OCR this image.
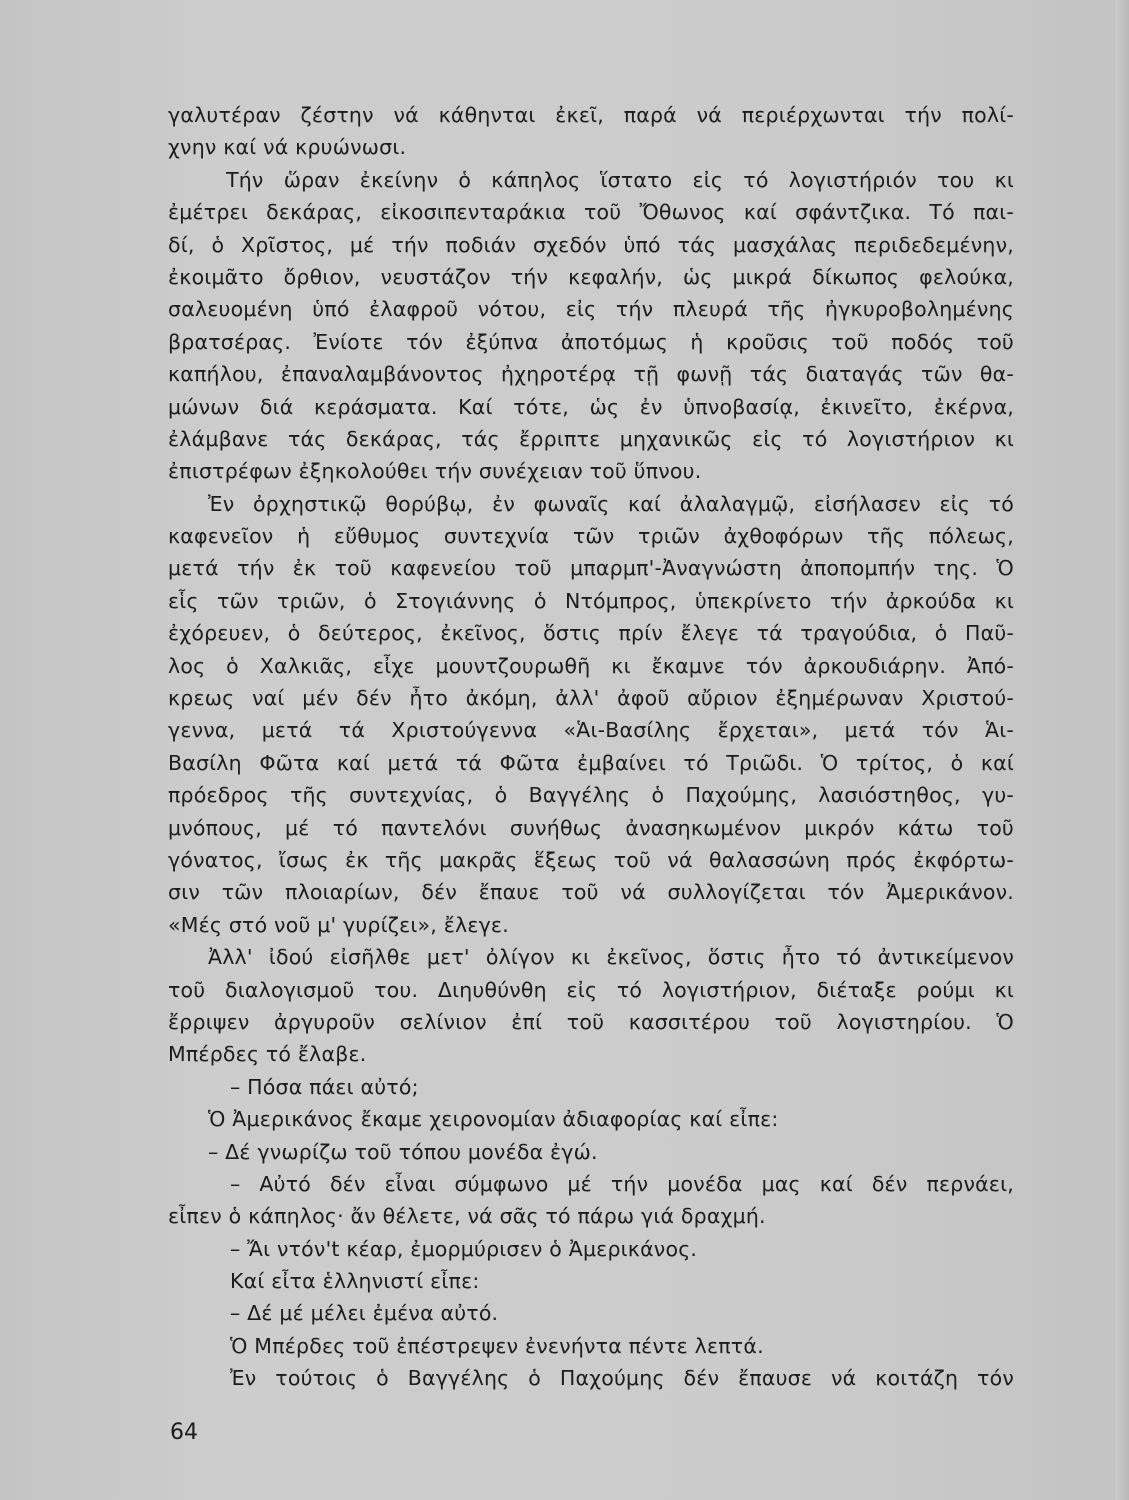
γαλυτέραν ζέστην νά κάθηνται ἐκεῖ, παρά νά περιέρχωνται τήν πολί-
χνην καί νά κρυώνωσι.
Τήν ὥραν ἐκείνην ὁ κάπηλος ἵστατο εἰς τό λογιστήριόν του κι
ἐμέτρει δεκάρας, εἰκοσιπενταράκια τοῦ Ὄθωνος καί σφάντζικα. Τό παι-
δί, ὁ Χρῖστος, μέ τήν ποδιάν σχεδόν ὑπό τάς μασχάλας περιδεδεμένην,
ἐκοιμᾶτο ὄρθιον, νευστάζον τήν κεφαλήν, ὡς μικρά δίκωπος φελούκα,
σαλευομένη ὑπό ἐλαφροῦ νότου, εἰς τήν πλευρά τῆς ἠγκυροβολημένης
βρατσέρας. Ἐνίοτε τόν ἐξύπνα ἀποτόμως ἡ κροῦσις τοῦ ποδός τοῦ
καπήλου, ἐπαναλαμβάνοντος ἠχηροτέρᾳ τῇ φωνῇ τάς διαταγάς τῶν θα-
μώνων διά κεράσματα. Καί τότε, ὡς ἐν ὑπνοβασίᾳ, ἐκινεῖτο, ἐκέρνα,
ἐλάμβανε τάς δεκάρας, τάς ἔρριπτε μηχανικῶς εἰς τό λογιστήριον κι
ἐπιστρέφων ἐξηκολούθει τήν συνέχειαν τοῦ ὕπνου.
Ἐν ὀρχηστικῷ θορύβῳ, ἐν φωναῖς καί ἀλαλαγμῷ, εἰσήλασεν εἰς τό
καφενεῖον ἡ εὔθυμος συντεχνία τῶν τριῶν ἀχθοφόρων τῆς πόλεως,
μετά τήν ἐκ τοῦ καφενείου τοῦ μπαρμπ'-Ἀναγνώστη ἀποπομπήν της. Ὁ
εἷς τῶν τριῶν, ὁ Στογιάννης ὁ Ντόμπρος, ὑπεκρίνετο τήν ἀρκούδα κι
ἐχόρευεν, ὁ δεύτερος, ἐκεῖνος, ὅστις πρίν ἔλεγε τά τραγούδια, ὁ Παῦ-
λος ὁ Χαλκιᾶς, εἶχε μουντζουρωθῆ κι ἔκαμνε τόν ἀρκουδιάρην. Ἀπό-
κρεως ναί μέν δέν ἦτο ἀκόμη, ἀλλ' ἀφοῦ αὔριον ἐξημέρωναν Χριστού-
γεννα, μετά τά Χριστούγεννα «Ἁι-Βασίλης ἔρχεται», μετά τόν Ἁι-
Βασίλη Φῶτα καί μετά τά Φῶτα ἐμβαίνει τό Τριῶδι. Ὁ τρίτος, ὁ καί
πρόεδρος τῆς συντεχνίας, ὁ Βαγγέλης ὁ Παχούμης, λασιόστηθος, γυ-
μνόπους, μέ τό παντελόνι συνήθως ἀνασηκωμένον μικρόν κάτω τοῦ
γόνατος, ἴσως ἐκ τῆς μακρᾶς ἕξεως τοῦ νά θαλασσώνη πρός ἐκφόρτω-
σιν τῶν πλοιαρίων, δέν ἔπαυε τοῦ νά συλλογίζεται τόν Ἀμερικάνον.
«Μές στό νοῦ μ' γυρίζει», ἔλεγε.
Ἀλλ' ἰδού εἰσῆλθε μετ' ὀλίγον κι ἐκεῖνος, ὅστις ἦτο τό ἀντικείμενον
τοῦ διαλογισμοῦ του. Διηυθύνθη εἰς τό λογιστήριον, διέταξε ρούμι κι
ἔρριψεν ἀργυροῦν σελίνιον ἐπί τοῦ κασσιτέρου τοῦ λογιστηρίου. Ὁ
Μπέρδες τό ἔλαβε.
– Πόσα πάει αὐτό;
Ὁ Ἀμερικάνος ἔκαμε χειρονομίαν ἀδιαφορίας καί εἶπε:
– Δέ γνωρίζω τοῦ τόπου μονέδα ἐγώ.
– Αὐτό δέν εἶναι σύμφωνο μέ τήν μονέδα μας καί δέν περνάει,
εἶπεν ὁ κάπηλος· ἄν θέλετε, νά σᾶς τό πάρω γιά δραχμή.
– Ἄι ντόν't κέαρ, ἐμορμύρισεν ὁ Ἀμερικάνος.
Καί εἶτα ἑλληνιστί εἶπε:
– Δέ μέ μέλει ἐμένα αὐτό.
Ὁ Μπέρδες τοῦ ἐπέστρεψεν ἐνενήντα πέντε λεπτά.
Ἐν τούτοις ὁ Βαγγέλης ὁ Παχούμης δέν ἔπαυσε νά κοιτάζη τόν
64
